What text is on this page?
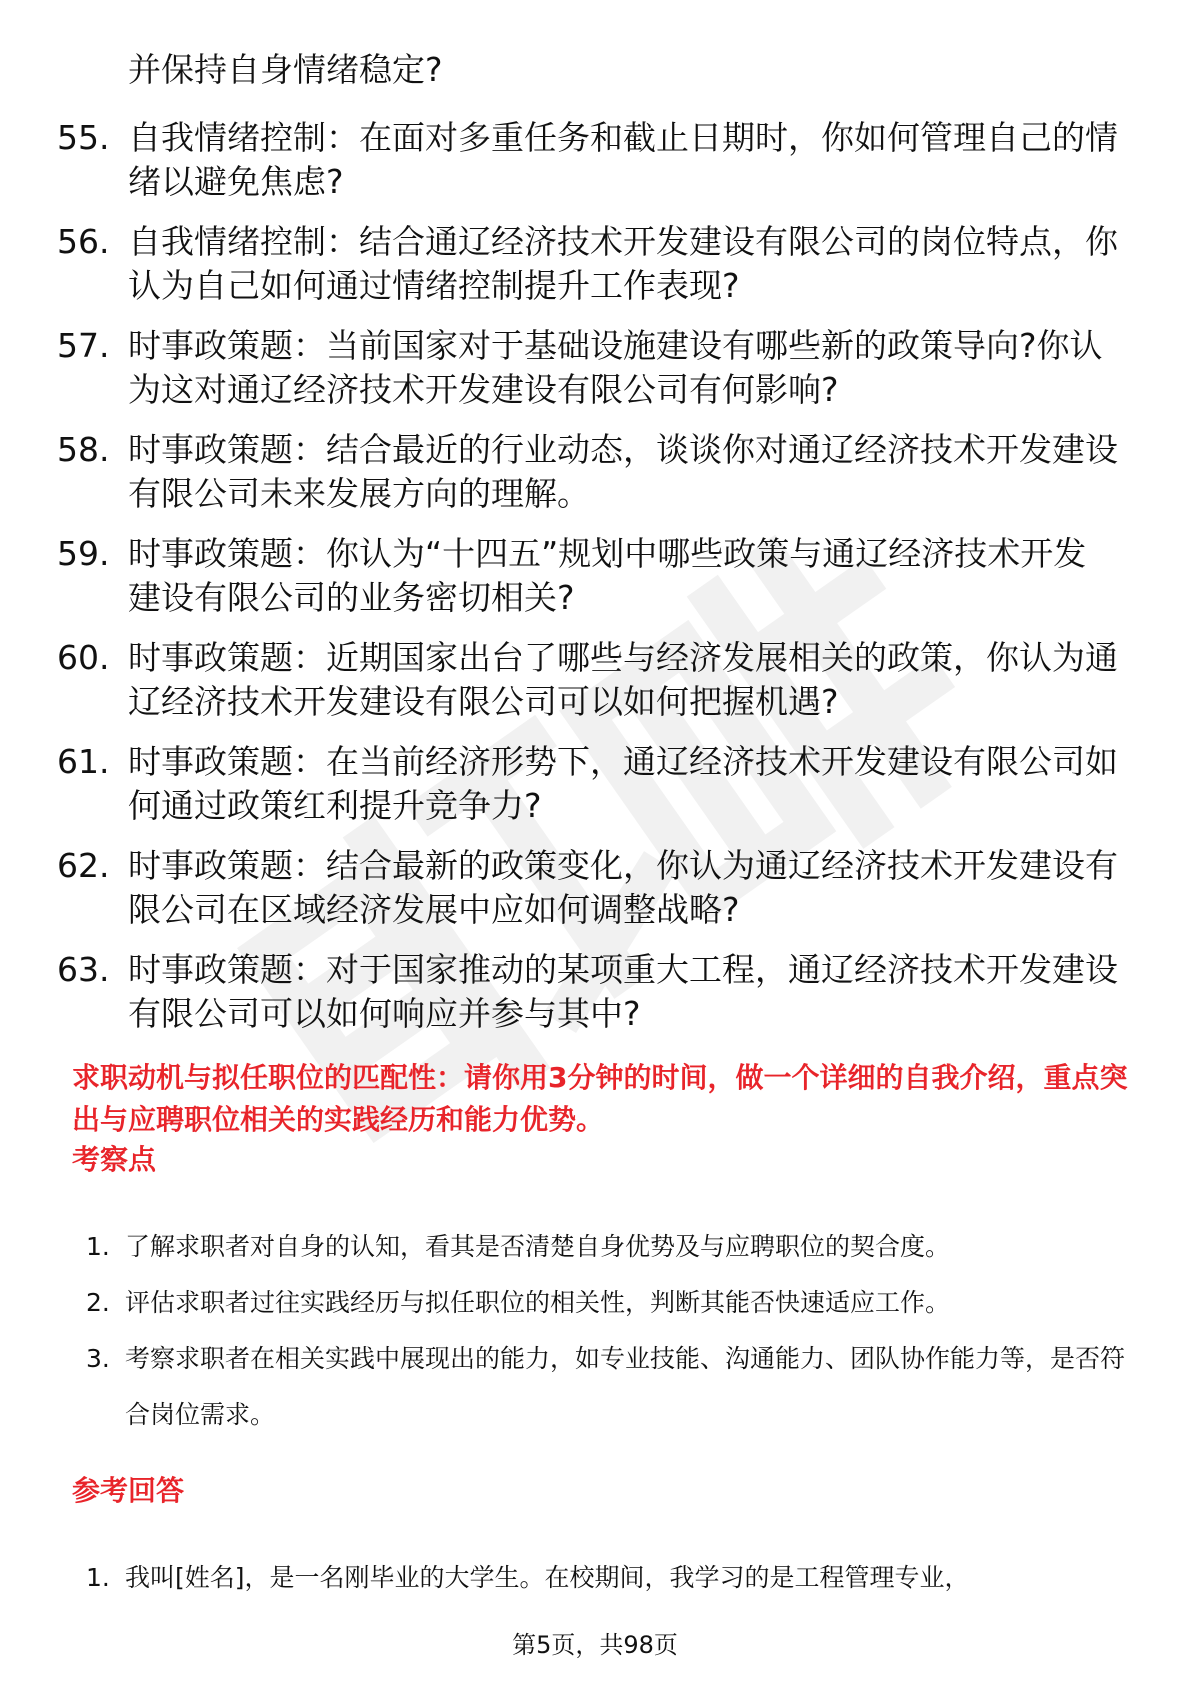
并保持自身情绪稳定?
55. 自我情绪控制：在面对多重任务和截止日期时，你如何管理自己的情绪以避免焦虑?
56. 自我情绪控制：结合通辽经济技术开发建设有限公司的岗位特点，你认为自己如何通过情绪控制提升工作表现?
57. 时事政策题：当前国家对于基础设施建设有哪些新的政策导向?你认为这对通辽经济技术开发建设有限公司有何影响?
58. 时事政策题：结合最近的行业动态，谈谈你对通辽经济技术开发建设有限公司未来发展方向的理解。
59. 时事政策题：你认为“十四五”规划中哪些政策与通辽经济技术开发建设有限公司的业务密切相关?
60. 时事政策题：近期国家出台了哪些与经济发展相关的政策，你认为通辽经济技术开发建设有限公司可以如何把握机遇?
61. 时事政策题：在当前经济形势下，通辽经济技术开发建设有限公司如何通过政策红利提升竞争力?
62. 时事政策题：结合最新的政策变化，你认为通辽经济技术开发建设有限公司在区域经济发展中应如何调整战略?
63. 时事政策题：对于国家推动的某项重大工程，通辽经济技术开发建设有限公司可以如何响应并参与其中?
求职动机与拟任职位的匹配性：请你用3分钟的时间，做一个详细的自我介绍，重点突出与应聘职位相关的实践经历和能力优势。
考察点
1. 了解求职者对自身的认知，看其是否清楚自身优势及与应聘职位的契合度。
2. 评估求职者过往实践经历与拟任职位的相关性，判断其能否快速适应工作。
3. 考察求职者在相关实践中展现出的能力，如专业技能、沟通能力、团队协作能力等，是否符合岗位需求。
参考回答
1. 我叫[姓名]，是一名刚毕业的大学生。在校期间，我学习的是工程管理专业，
第5页，共98页
